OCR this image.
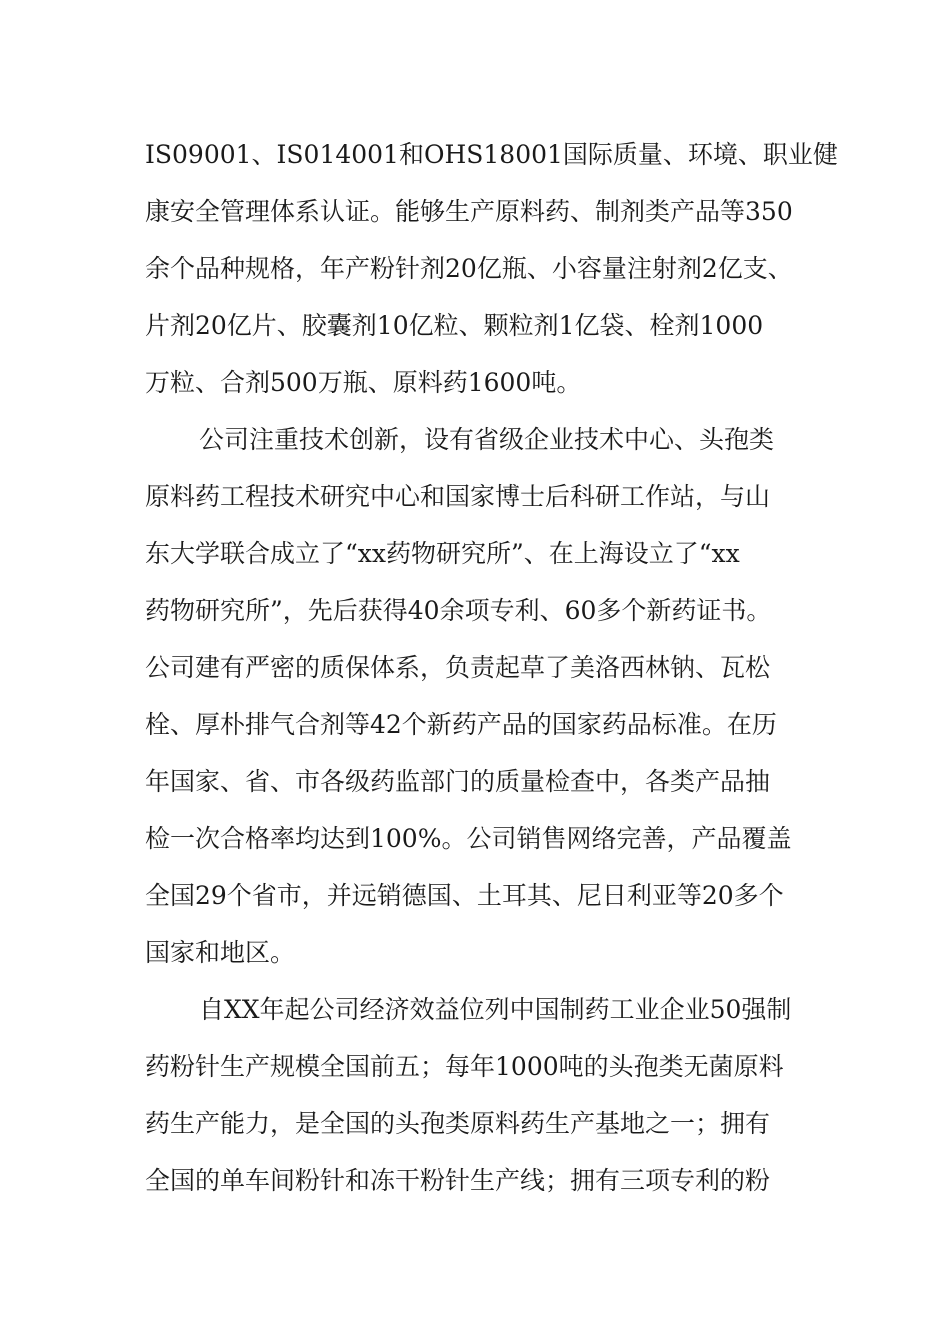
IS09001、IS014001和OHS18001国际质量、环境、职业健
康安全管理体系认证。能够生产原料药、制剂类产品等350
余个品种规格，年产粉针剂20亿瓶、小容量注射剂2亿支、
片剂20亿片、胶囊剂10亿粒、颗粒剂1亿袋、栓剂1000
万粒、合剂500万瓶、原料药1600吨。
公司注重技术创新，设有省级企业技术中心、头孢类
原料药工程技术研究中心和国家博士后科研工作站，与山
东大学联合成立了“xx药物研究所”、在上海设立了“xx
药物研究所”，先后获得40余项专利、60多个新药证书。
公司建有严密的质保体系，负责起草了美洛西林钠、瓦松
栓、厚朴排气合剂等42个新药产品的国家药品标准。在历
年国家、省、市各级药监部门的质量检查中，各类产品抽
检一次合格率均达到100%。公司销售网络完善，产品覆盖
全国29个省市，并远销德国、土耳其、尼日利亚等20多个
国家和地区。
自XX年起公司经济效益位列中国制药工业企业50强制
药粉针生产规模全国前五；每年1000吨的头孢类无菌原料
药生产能力，是全国的头孢类原料药生产基地之一；拥有
全国的单车间粉针和冻干粉针生产线；拥有三项专利的粉
